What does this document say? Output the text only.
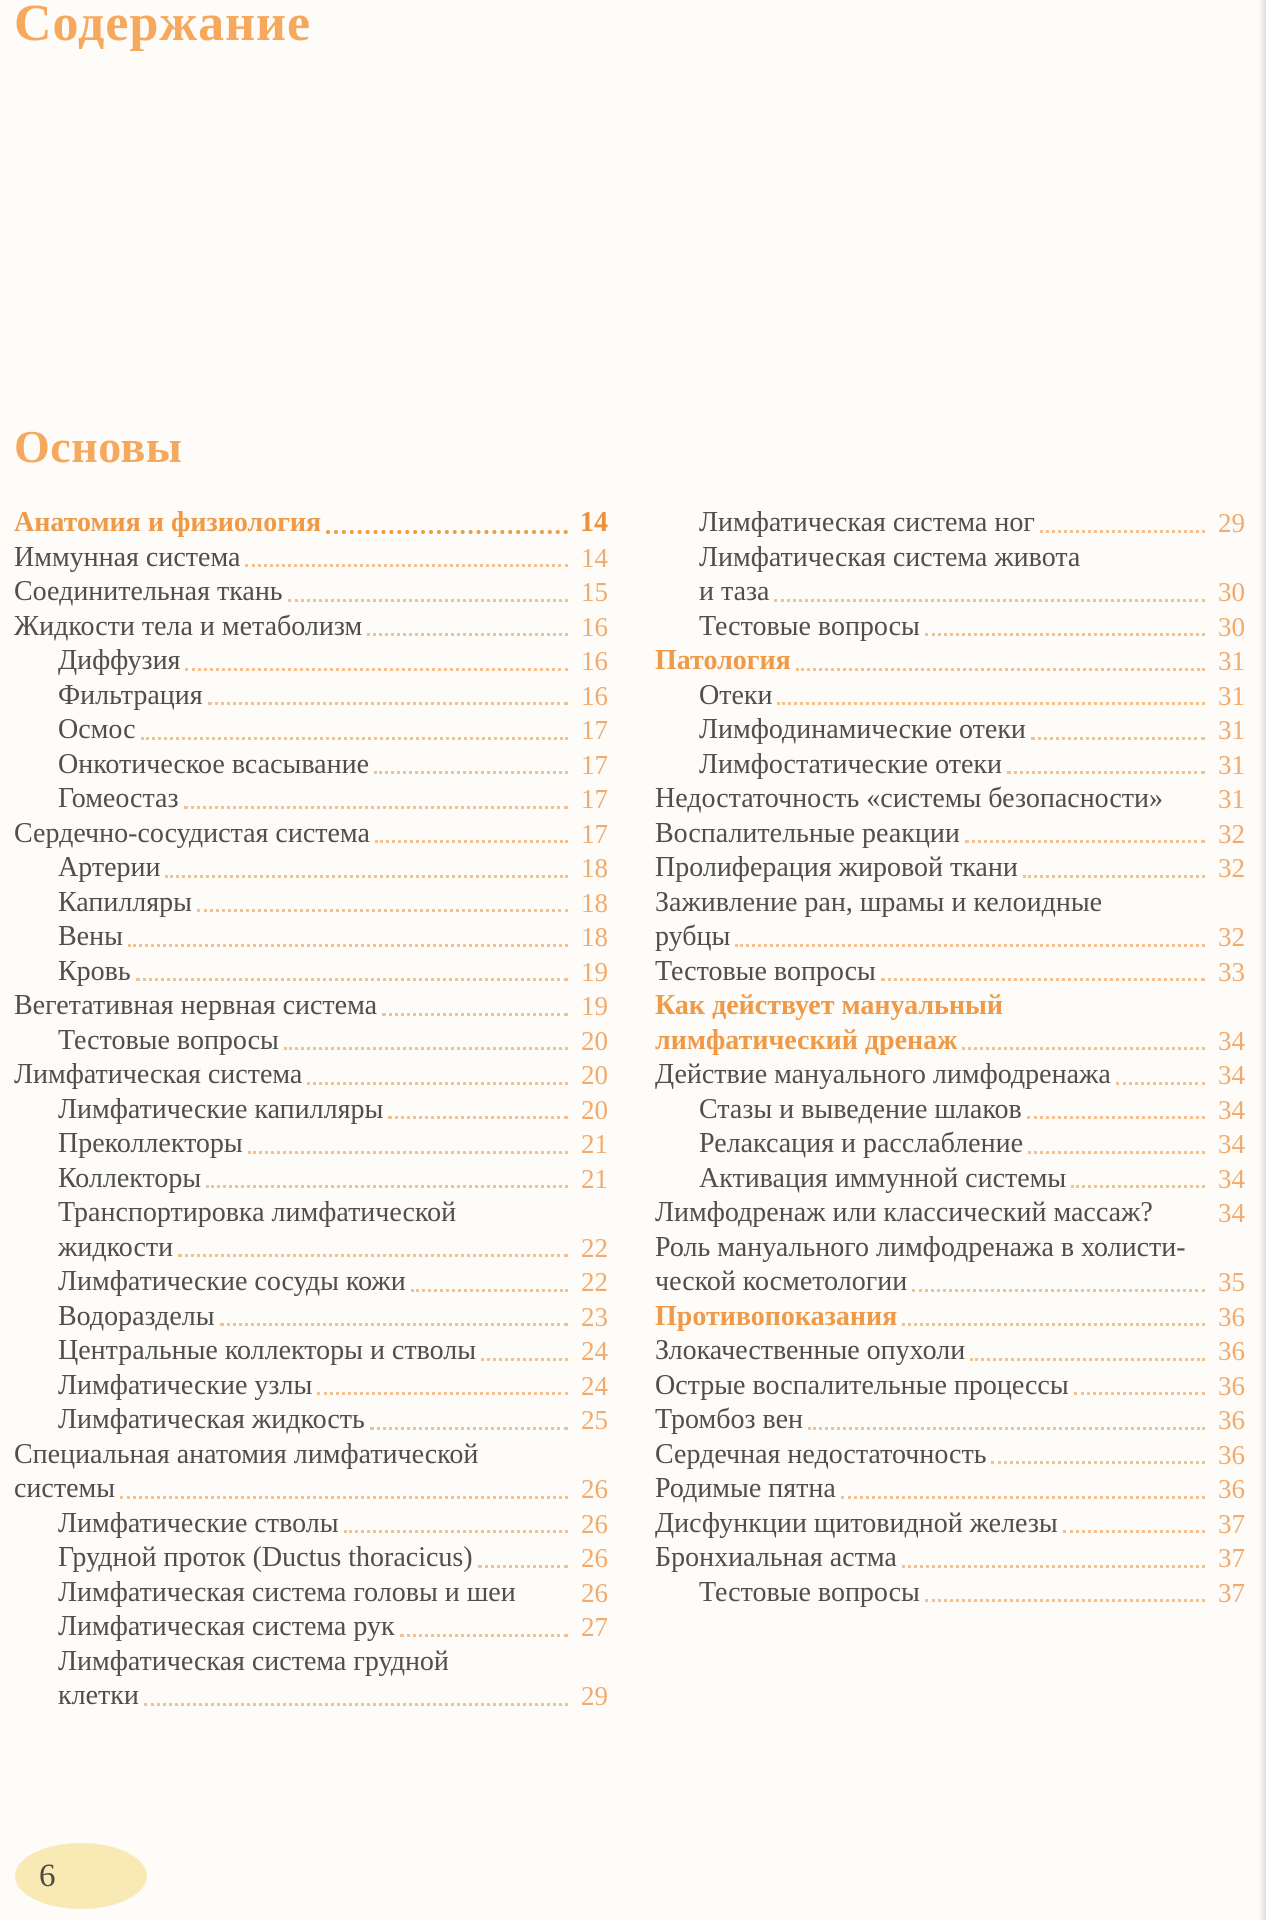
Содержание
Основы
Анатомия и физиология	14
Иммунная система	14
Соединительная ткань	15
Жидкости тела и метаболизм	16
Диффузия	16
Фильтрация	16
Осмос	17
Онкотическое всасывание	17
Гомеостаз	17
Сердечно-сосудистая система	17
Артерии	18
Капилляры	18
Вены	18
Кровь	19
Вегетативная нервная система	19
Тестовые вопросы	20
Лимфатическая система	20
Лимфатические капилляры	20
Преколлекторы	21
Коллекторы	21
Транспортировка лимфатической
жидкости	22
Лимфатические сосуды кожи	22
Водоразделы	23
Центральные коллекторы и стволы	24
Лимфатические узлы	24
Лимфатическая жидкость	25
Специальная анатомия лимфатической
системы	26
Лимфатические стволы	26
Грудной проток (Ductus thoracicus)	26
Лимфатическая система головы и шеи	26
Лимфатическая система рук	27
Лимфатическая система грудной
клетки	29
Лимфатическая система ног	29
Лимфатическая система живота
и таза	30
Тестовые вопросы	30
Патология	31
Отеки	31
Лимфодинамические отеки	31
Лимфостатические отеки	31
Недостаточность «системы безопасности»	31
Воспалительные реакции	32
Пролиферация жировой ткани	32
Заживление ран, шрамы и келоидные
рубцы	32
Тестовые вопросы	33
Как действует мануальный
лимфатический дренаж	34
Действие мануального лимфодренажа	34
Стазы и выведение шлаков	34
Релаксация и расслабление	34
Активация иммунной системы	34
Лимфодренаж или классический массаж?	34
Роль мануального лимфодренажа в холисти-
ческой косметологии	35
Противопоказания	36
Злокачественные опухоли	36
Острые воспалительные процессы	36
Тромбоз вен	36
Сердечная недостаточность	36
Родимые пятна	36
Дисфункции щитовидной железы	37
Бронхиальная астма	37
Тестовые вопросы	37
6
